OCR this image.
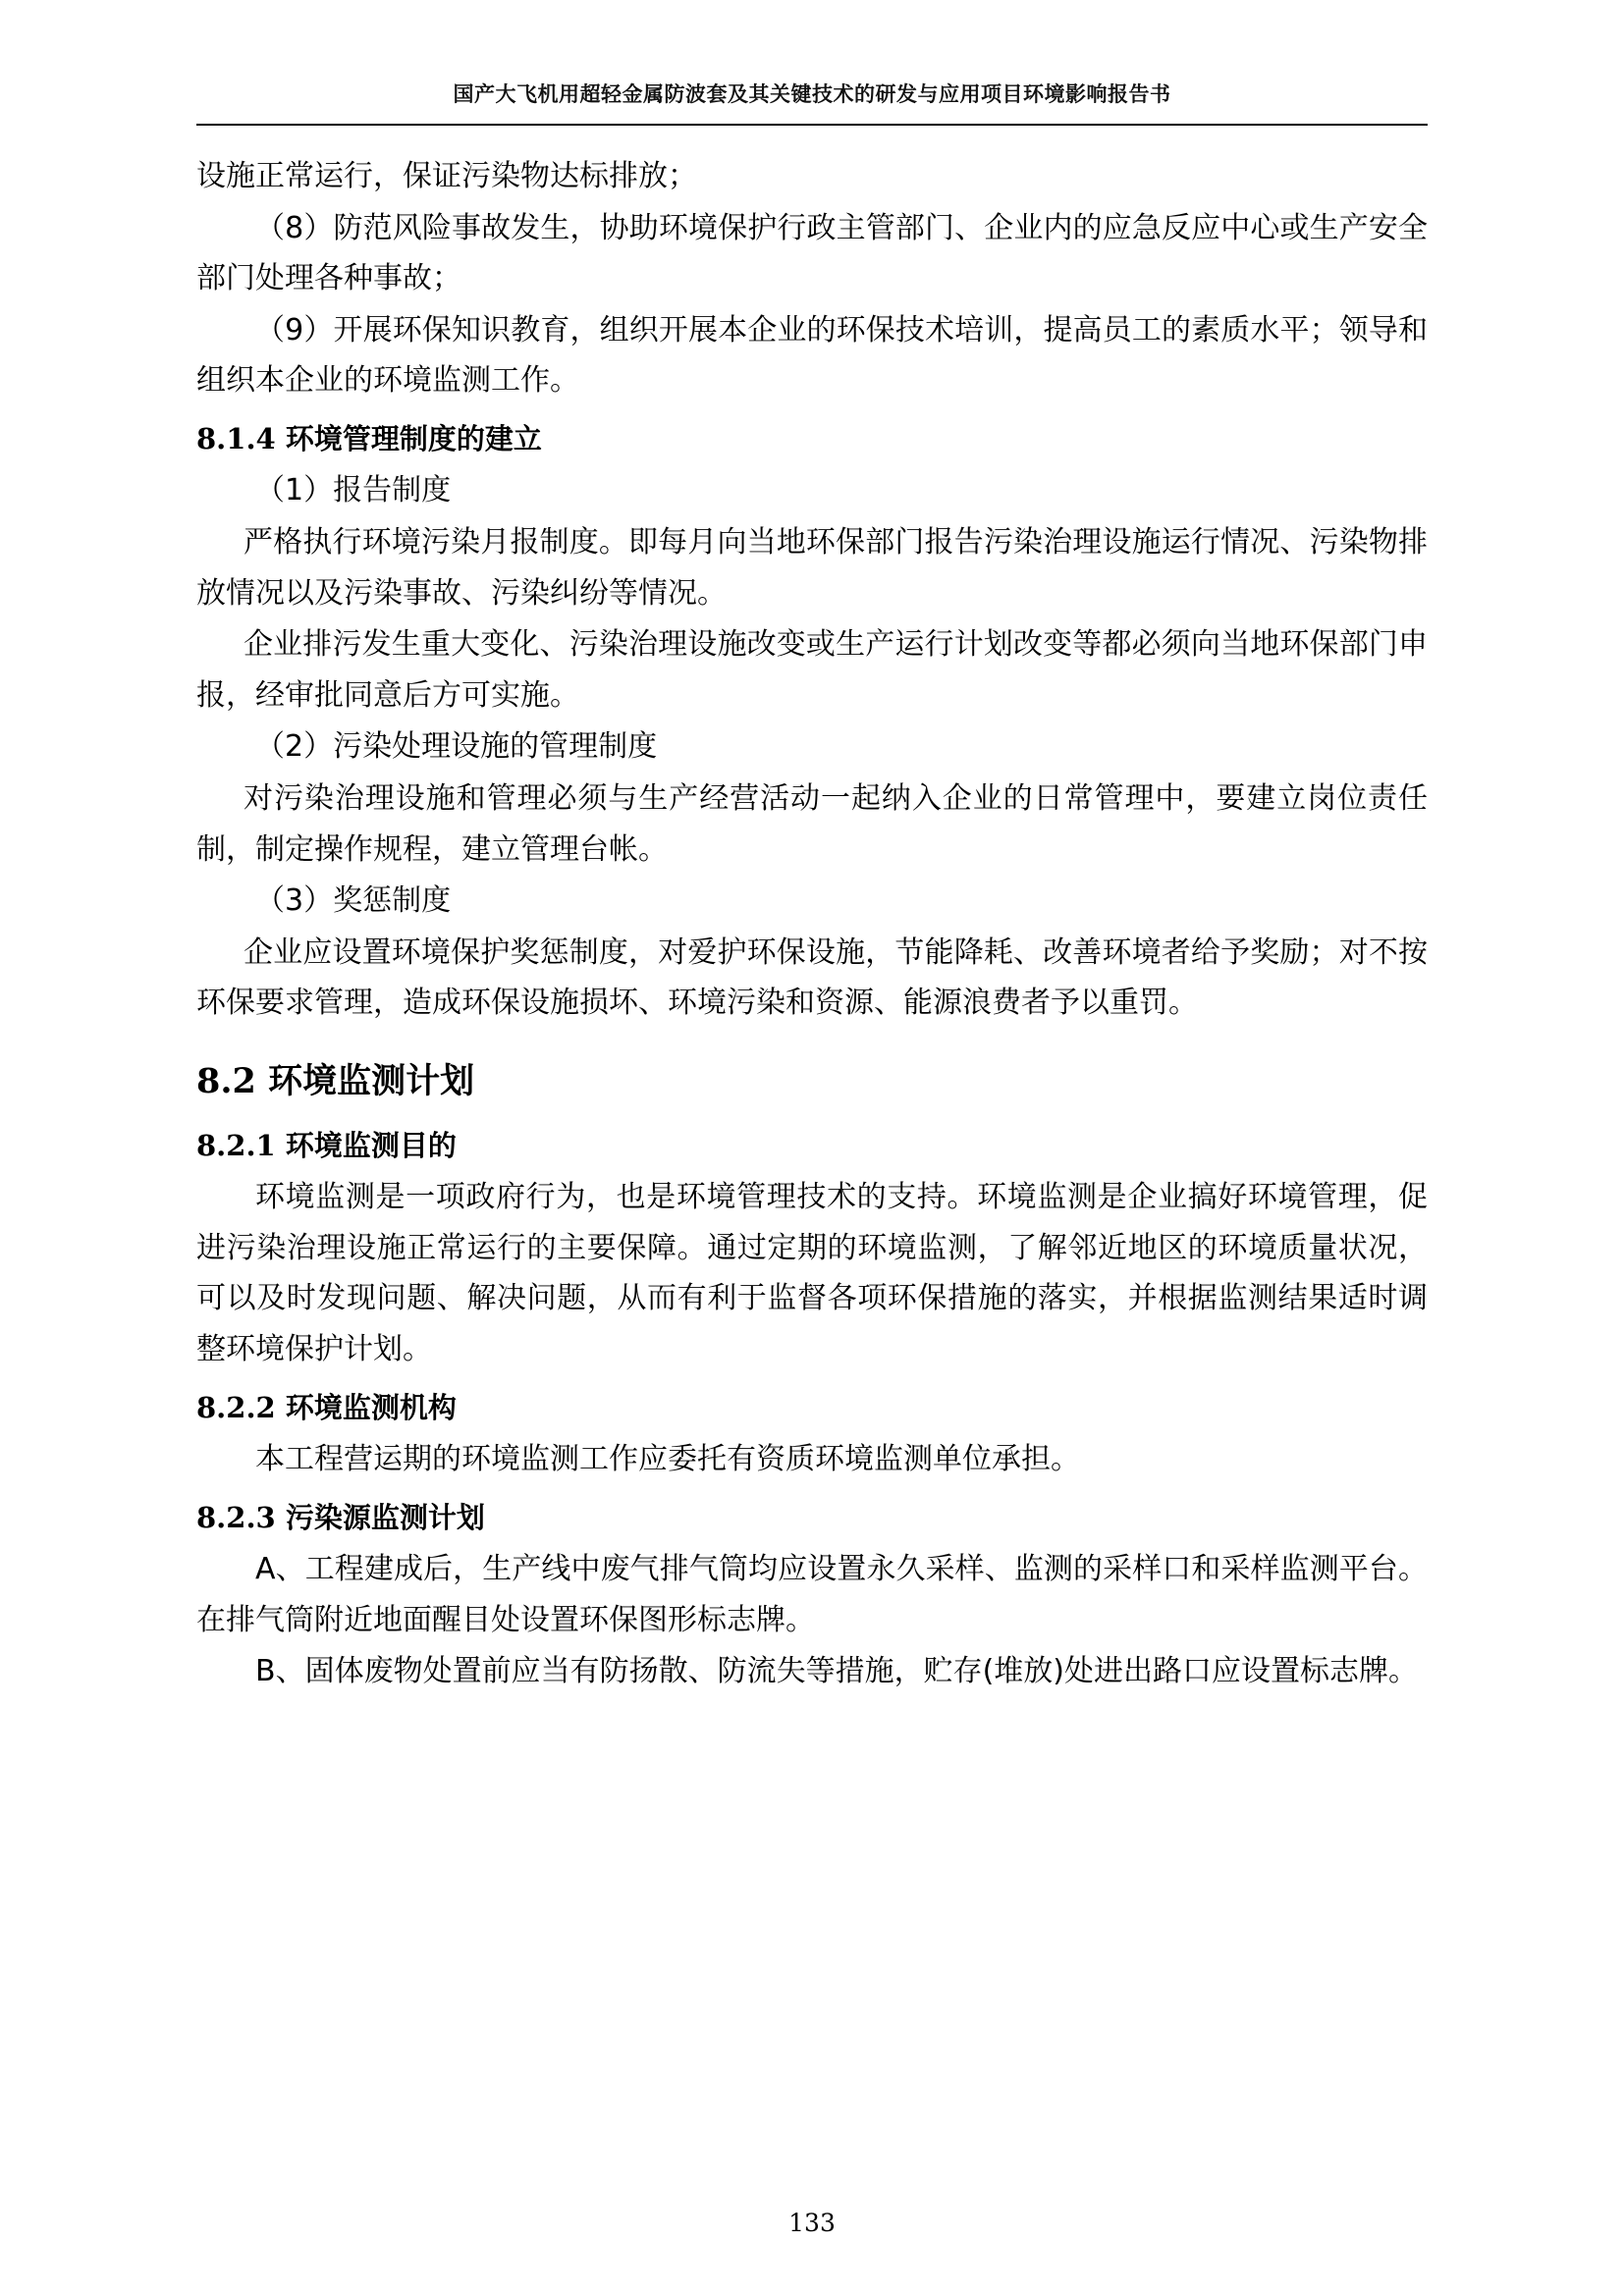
国产大飞机用超轻金属防波套及其关键技术的研发与应用项目环境影响报告书

设施正常运行，保证污染物达标排放；

（8）防范风险事故发生，协助环境保护行政主管部门、企业内的应急反应中心或生产安全部门处理各种事故；

（9）开展环保知识教育，组织开展本企业的环保技术培训，提高员工的素质水平；领导和组织本企业的环境监测工作。

8.1.4 环境管理制度的建立

（1）报告制度

严格执行环境污染月报制度。即每月向当地环保部门报告污染治理设施运行情况、污染物排放情况以及污染事故、污染纠纷等情况。

企业排污发生重大变化、污染治理设施改变或生产运行计划改变等都必须向当地环保部门申报，经审批同意后方可实施。

（2）污染处理设施的管理制度

对污染治理设施和管理必须与生产经营活动一起纳入企业的日常管理中，要建立岗位责任制，制定操作规程，建立管理台帐。

（3）奖惩制度

企业应设置环境保护奖惩制度，对爱护环保设施，节能降耗、改善环境者给予奖励；对不按环保要求管理，造成环保设施损坏、环境污染和资源、能源浪费者予以重罚。

8.2 环境监测计划

8.2.1 环境监测目的

环境监测是一项政府行为，也是环境管理技术的支持。环境监测是企业搞好环境管理，促进污染治理设施正常运行的主要保障。通过定期的环境监测，了解邻近地区的环境质量状况，可以及时发现问题、解决问题，从而有利于监督各项环保措施的落实，并根据监测结果适时调整环境保护计划。

8.2.2 环境监测机构

本工程营运期的环境监测工作应委托有资质环境监测单位承担。

8.2.3 污染源监测计划

A、工程建成后，生产线中废气排气筒均应设置永久采样、监测的采样口和采样监测平台。在排气筒附近地面醒目处设置环保图形标志牌。

B、固体废物处置前应当有防扬散、防流失等措施，贮存(堆放)处进出路口应设置标志牌。

133
